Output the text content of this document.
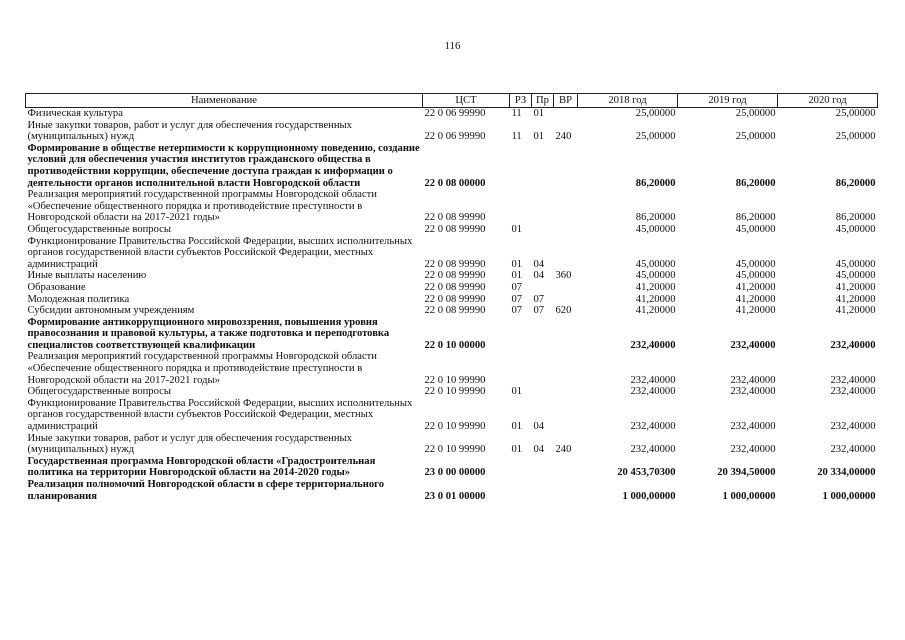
116
Наименование	ЦСТ	РЗ	Пр	ВР	2018 год	2019 год	2020 год
Физическая культура	22 0 06 99990	11	01		25,00000	25,00000	25,00000
Иные закупки товаров, работ и услуг для обеспечения государственных (муниципальных) нужд	22 0 06 99990	11	01	240	25,00000	25,00000	25,00000
Формирование в обществе нетерпимости к коррупционному поведению, создание условий для обеспечения участия институтов гражданского общества в противодействии коррупции, обеспечение доступа граждан к информации о деятельности органов исполнительной власти Новгородской области	22 0 08 00000				86,20000	86,20000	86,20000
Реализация мероприятий государственной программы Новгородской области «Обеспечение общественного порядка и противодействие преступности в Новгородской области на 2017-2021 годы»	22 0 08 99990				86,20000	86,20000	86,20000
Общегосударственные вопросы	22 0 08 99990	01			45,00000	45,00000	45,00000
Функционирование Правительства Российской Федерации, высших исполнительных органов государственной власти субъектов Российской Федерации, местных администраций	22 0 08 99990	01	04		45,00000	45,00000	45,00000
Иные выплаты населению	22 0 08 99990	01	04	360	45,00000	45,00000	45,00000
Образование	22 0 08 99990	07			41,20000	41,20000	41,20000
Молодежная политика	22 0 08 99990	07	07		41,20000	41,20000	41,20000
Субсидии автономным учреждениям	22 0 08 99990	07	07	620	41,20000	41,20000	41,20000
Формирование антикоррупционного мировоззрения, повышения уровня правосознания и правовой культуры, а также подготовка и переподготовка специалистов соответствующей квалификации	22 0 10 00000				232,40000	232,40000	232,40000
Реализация мероприятий государственной программы Новгородской области «Обеспечение общественного порядка и противодействие преступности в Новгородской области на 2017-2021 годы»	22 0 10 99990				232,40000	232,40000	232,40000
Общегосударственные вопросы	22 0 10 99990	01			232,40000	232,40000	232,40000
Функционирование Правительства Российской Федерации, высших исполнительных органов государственной власти субъектов Российской Федерации, местных администраций	22 0 10 99990	01	04		232,40000	232,40000	232,40000
Иные закупки товаров, работ и услуг для обеспечения государственных (муниципальных) нужд	22 0 10 99990	01	04	240	232,40000	232,40000	232,40000
Государственная программа Новгородской области «Градостроительная политика на территории Новгородской области на 2014-2020 годы»	23 0 00 00000				20 453,70300	20 394,50000	20 334,00000
Реализация полномочий Новгородской области в сфере территориального планирования	23 0 01 00000				1 000,00000	1 000,00000	1 000,00000
